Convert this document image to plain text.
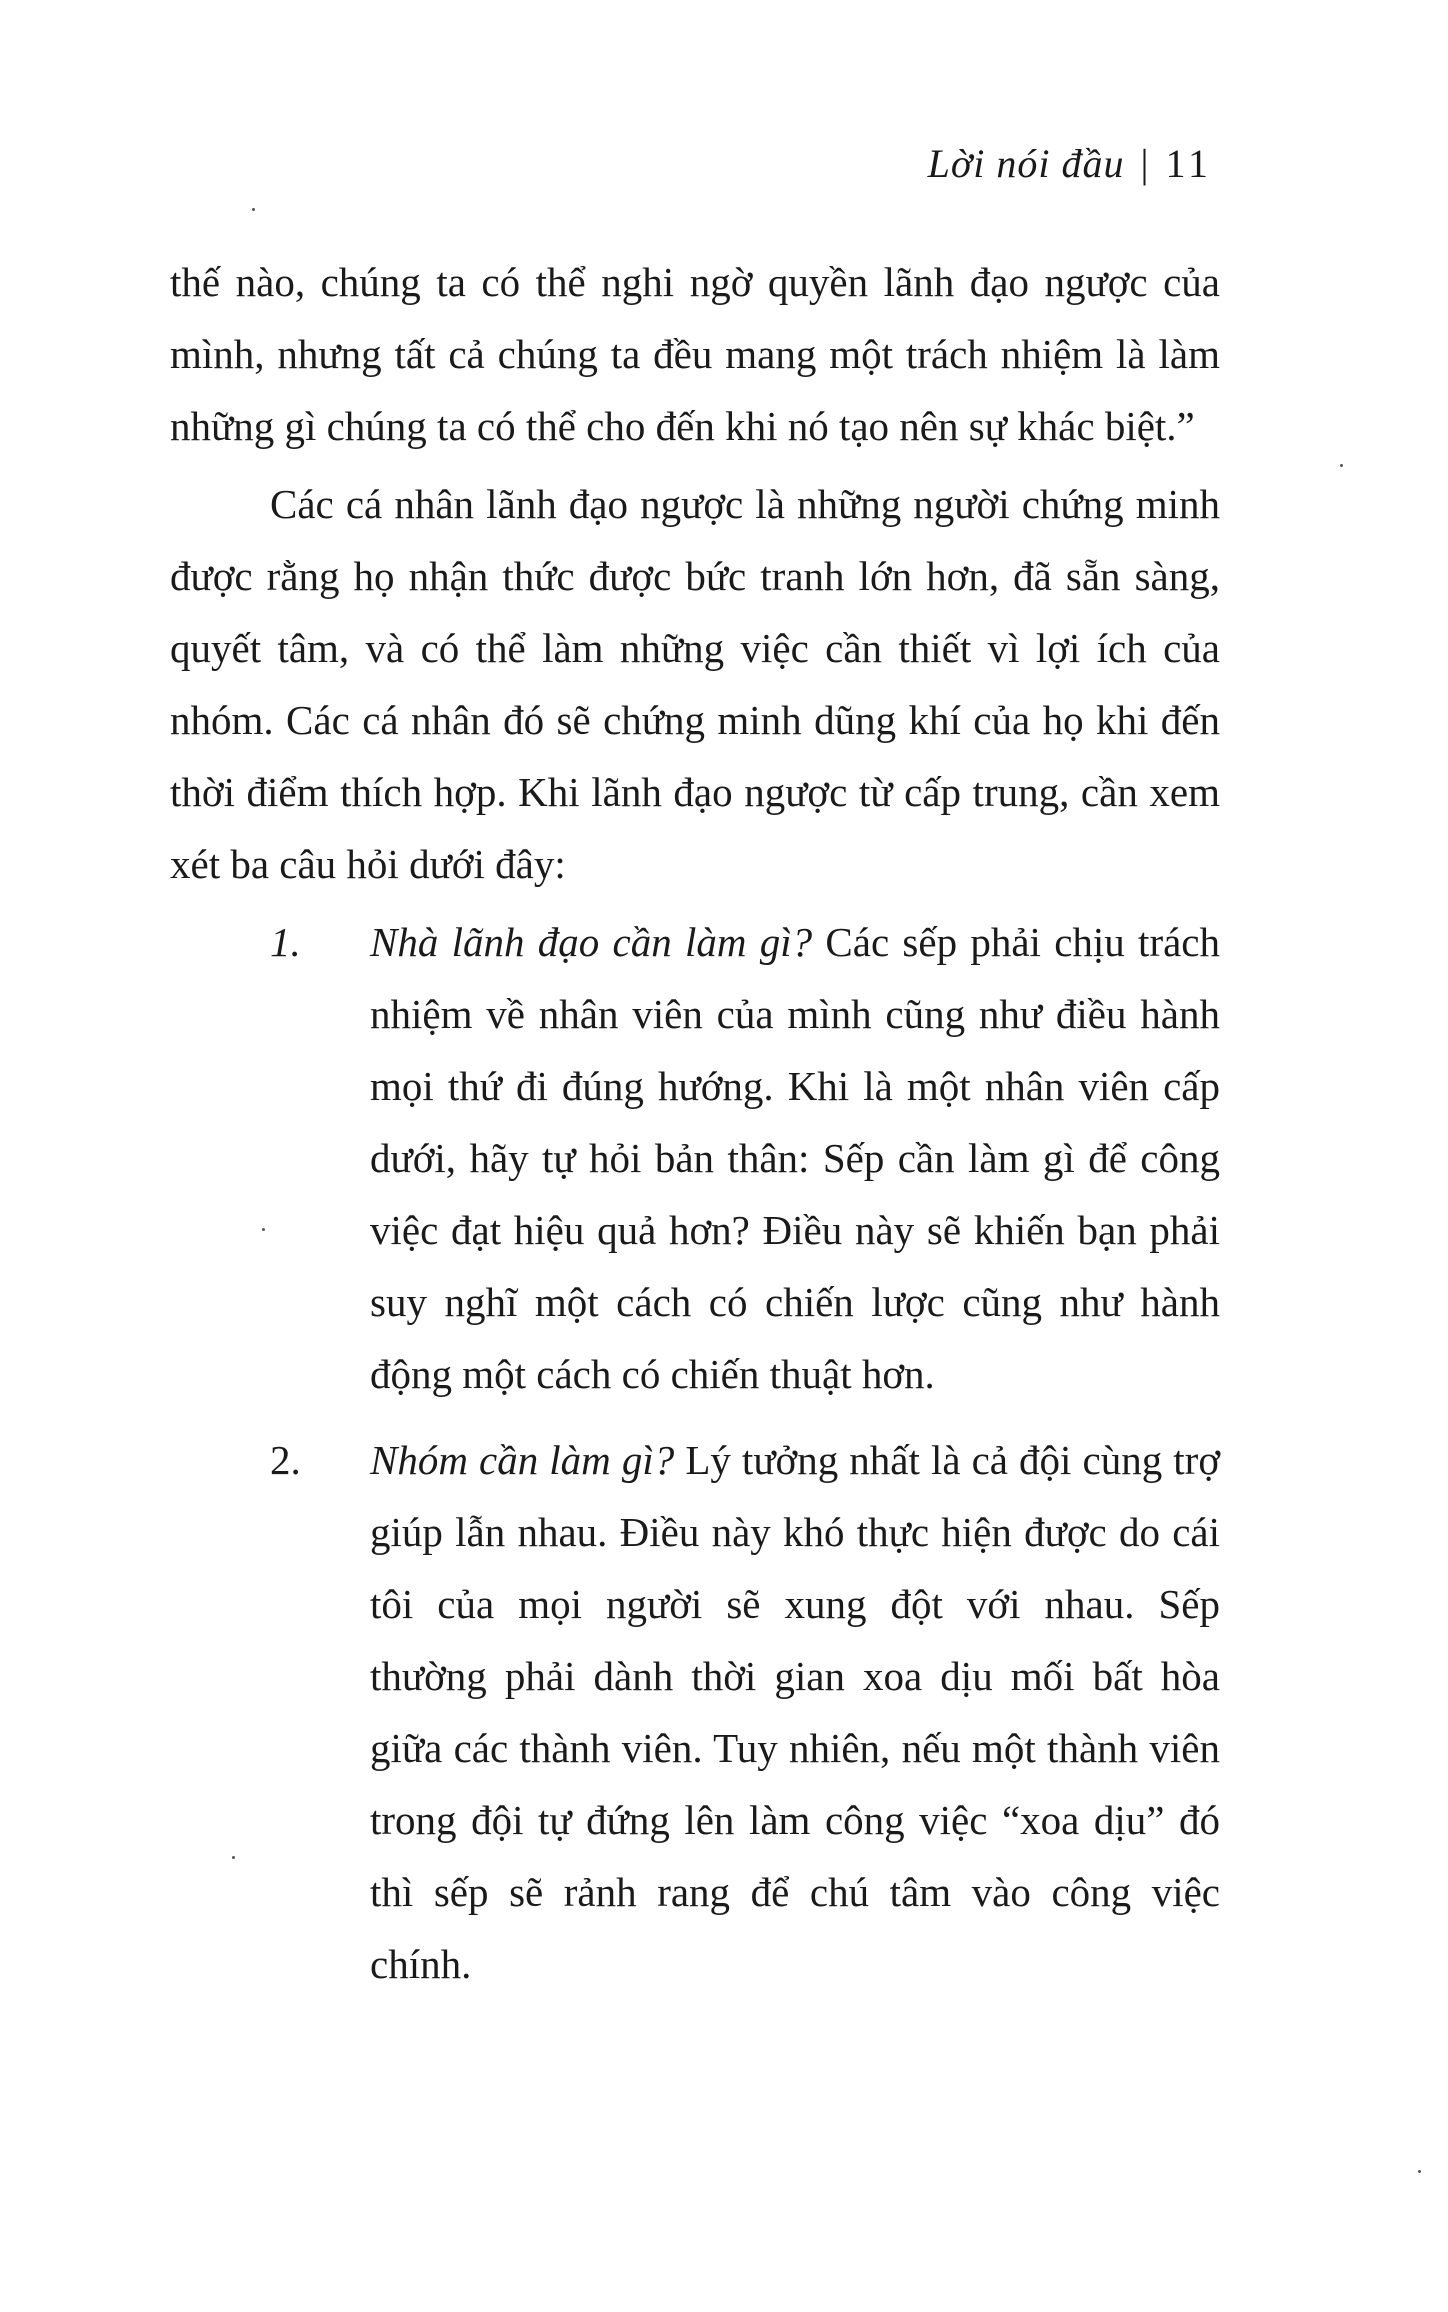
Lời nói đầu | 11

thế nào, chúng ta có thể nghi ngờ quyền lãnh đạo ngược của mình, nhưng tất cả chúng ta đều mang một trách nhiệm là làm những gì chúng ta có thể cho đến khi nó tạo nên sự khác biệt.”

Các cá nhân lãnh đạo ngược là những người chứng minh được rằng họ nhận thức được bức tranh lớn hơn, đã sẵn sàng, quyết tâm, và có thể làm những việc cần thiết vì lợi ích của nhóm. Các cá nhân đó sẽ chứng minh dũng khí của họ khi đến thời điểm thích hợp. Khi lãnh đạo ngược từ cấp trung, cần xem xét ba câu hỏi dưới đây:

1.	Nhà lãnh đạo cần làm gì? Các sếp phải chịu trách nhiệm về nhân viên của mình cũng như điều hành mọi thứ đi đúng hướng. Khi là một nhân viên cấp dưới, hãy tự hỏi bản thân: Sếp cần làm gì để công việc đạt hiệu quả hơn? Điều này sẽ khiến bạn phải suy nghĩ một cách có chiến lược cũng như hành động một cách có chiến thuật hơn.
2.	Nhóm cần làm gì? Lý tưởng nhất là cả đội cùng trợ giúp lẫn nhau. Điều này khó thực hiện được do cái tôi của mọi người sẽ xung đột với nhau. Sếp thường phải dành thời gian xoa dịu mối bất hòa giữa các thành viên. Tuy nhiên, nếu một thành viên trong đội tự đứng lên làm công việc “xoa dịu” đó thì sếp sẽ rảnh rang để chú tâm vào công việc chính.
